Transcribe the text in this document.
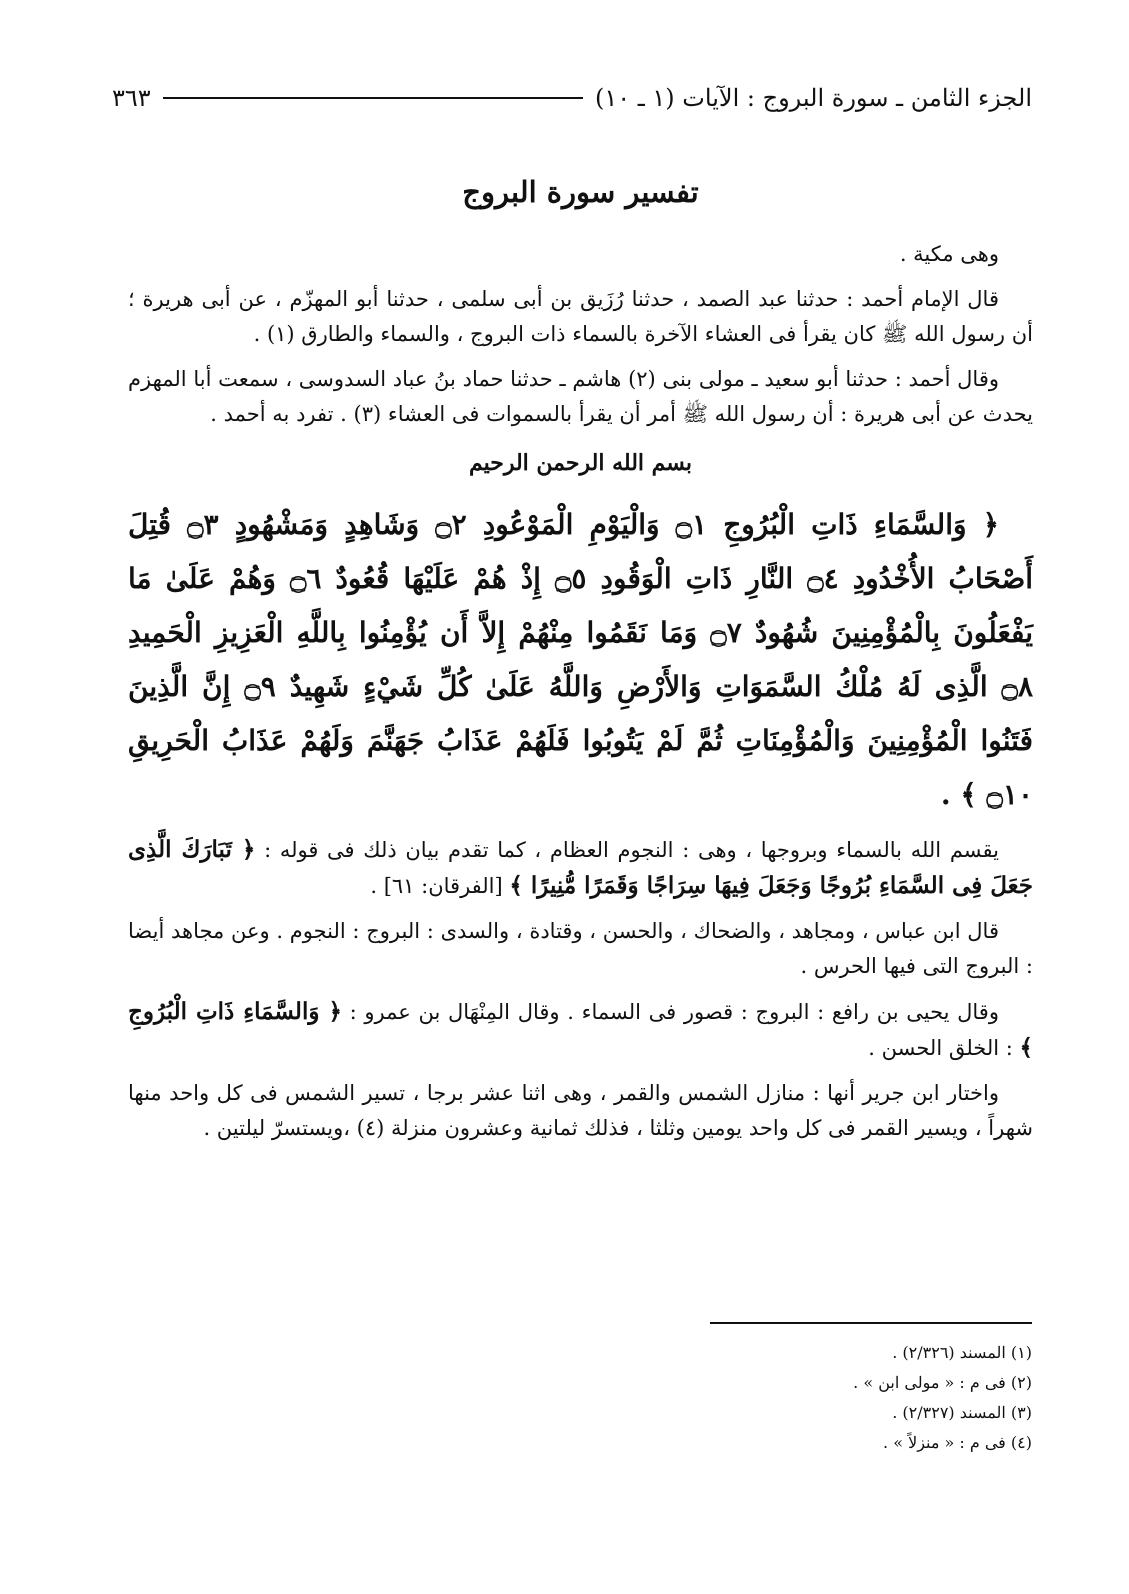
الجزء الثامن ـ سورة البروج : الآيات (١ ـ ١٠)
٣٦٣
تفسير سورة البروج

وهى مكية .

قال الإمام أحمد : حدثنا عبد الصمد ، حدثنا رُزَيق بن أبى سلمى ، حدثنا أبو المهزّم ، عن أبى هريرة ؛ أن رسول الله ﷺ كان يقرأ فى العشاء الآخرة بالسماء ذات البروج ، والسماء والطارق (١) .

وقال أحمد : حدثنا أبو سعيد ـ مولى بنى (٢) هاشم ـ حدثنا حماد بنُ عباد السدوسى ، سمعت أبا المهزم يحدث عن أبى هريرة : أن رسول الله ﷺ أمر أن يقرأ بالسموات فى العشاء (٣) . تفرد به أحمد .

بسم الله الرحمن الرحيم

﴿ وَالسَّمَاءِ ذَاتِ الْبُرُوجِ ۝١ وَالْيَوْمِ الْمَوْعُودِ ۝٢ وَشَاهِدٍ وَمَشْهُودٍ ۝٣ قُتِلَ أَصْحَابُ الأُخْدُودِ ۝٤ النَّارِ ذَاتِ الْوَقُودِ ۝٥ إِذْ هُمْ عَلَيْهَا قُعُودٌ ۝٦ وَهُمْ عَلَىٰ مَا يَفْعَلُونَ بِالْمُؤْمِنِينَ شُهُودٌ ۝٧ وَمَا نَقَمُوا مِنْهُمْ إِلاَّ أَن يُؤْمِنُوا بِاللَّهِ الْعَزِيزِ الْحَمِيدِ ۝٨ الَّذِى لَهُ مُلْكُ السَّمَوَاتِ وَالأَرْضِ وَاللَّهُ عَلَىٰ كُلِّ شَيْءٍ شَهِيدٌ ۝٩ إِنَّ الَّذِينَ فَتَنُوا الْمُؤْمِنِينَ وَالْمُؤْمِنَاتِ ثُمَّ لَمْ يَتُوبُوا فَلَهُمْ عَذَابُ جَهَنَّمَ وَلَهُمْ عَذَابُ الْحَرِيقِ ۝١٠ ﴾ .

يقسم الله بالسماء وبروجها ، وهى : النجوم العظام ، كما تقدم بيان ذلك فى قوله : ﴿ تَبَارَكَ الَّذِى جَعَلَ فِى السَّمَاءِ بُرُوجًا وَجَعَلَ فِيهَا سِرَاجًا وَقَمَرًا مُّنِيرًا ﴾ [الفرقان: ٦١] .

قال ابن عباس ، ومجاهد ، والضحاك ، والحسن ، وقتادة ، والسدى : البروج : النجوم . وعن مجاهد أيضا : البروج التى فيها الحرس .

وقال يحيى بن رافع : البروج : قصور فى السماء . وقال المِنْهَال بن عمرو : ﴿ وَالسَّمَاءِ ذَاتِ الْبُرُوجِ ﴾ : الخلق الحسن .

واختار ابن جرير أنها : منازل الشمس والقمر ، وهى اثنا عشر برجا ، تسير الشمس فى كل واحد منها شهراً ، ويسير القمر فى كل واحد يومين وثلثا ، فذلك ثمانية وعشرون منزلة (٤) ،ويستسرّ ليلتين .

(١) المسند (٢/٣٢٦) .

(٢) فى م : « مولى ابن » .

(٣) المسند (٢/٣٢٧) .

(٤) فى م : « منزلاً » .
